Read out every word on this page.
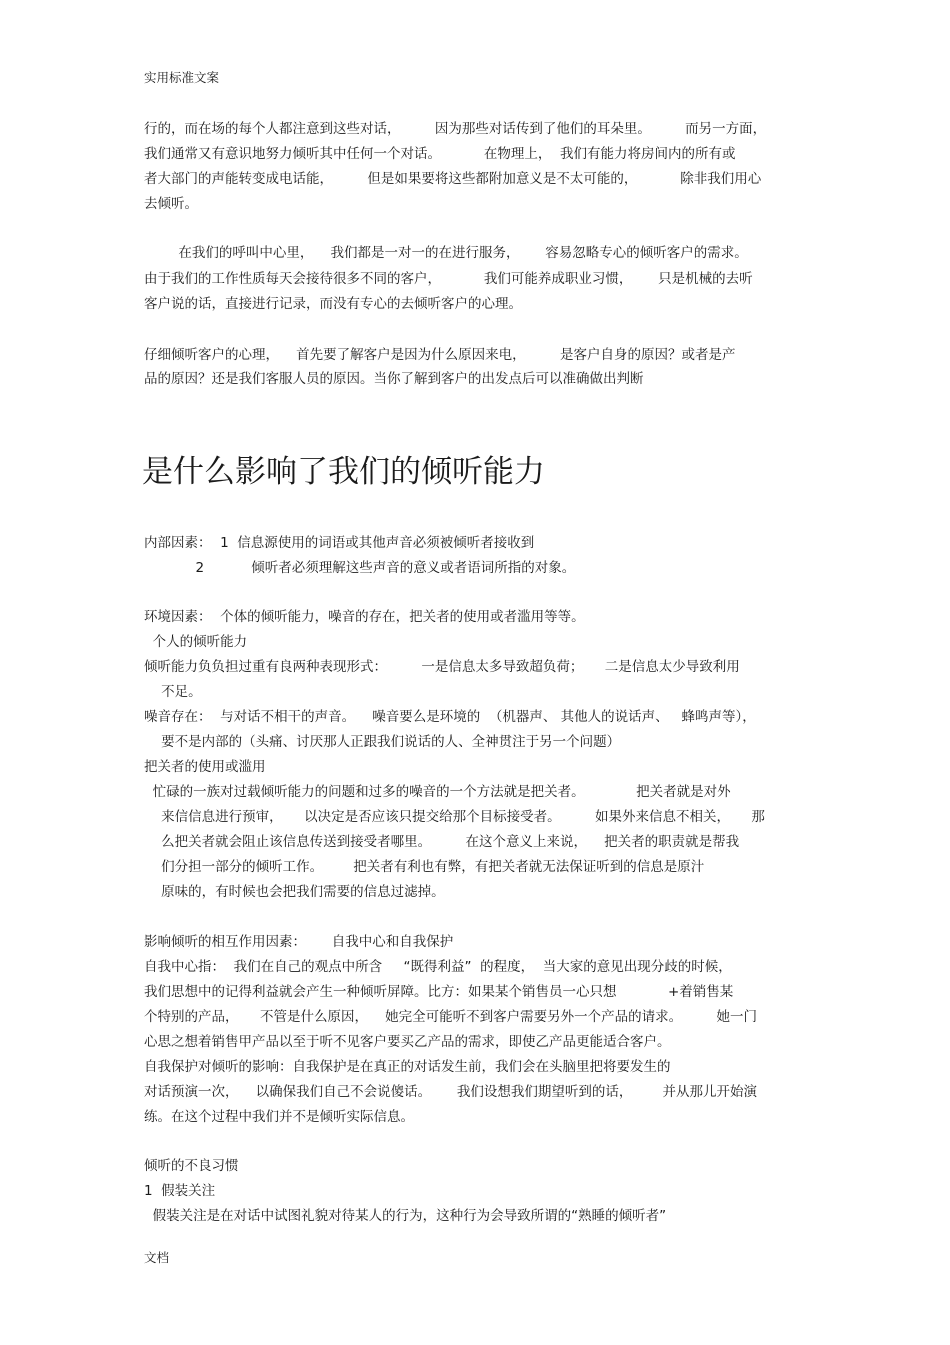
实用标准文案
行的，而在场的每个人都注意到这些对话，        因为那些对话传到了他们的耳朵里。        而另一方面，
我们通常又有意识地努力倾听其中任何一个对话。          在物理上，  我们有能力将房间内的所有或
者大部门的声能转变成电话能，        但是如果要将这些都附加意义是不太可能的，          除非我们用心
去倾听。
在我们的呼叫中心里，    我们都是一对一的在进行服务，      容易忽略专心的倾听客户的需求。
由于我们的工作性质每天会接待很多不同的客户，          我们可能养成职业习惯，      只是机械的去听
客户说的话，直接进行记录，而没有专心的去倾听客户的心理。
仔细倾听客户的心理，    首先要了解客户是因为什么原因来电，        是客户自身的原因？或者是产
品的原因？还是我们客服人员的原因。当你了解到客户的出发点后可以准确做出判断
是什么影响了我们的倾听能力
内部因素：  1  信息源使用的词语或其他声音必须被倾听者接收到
2           倾听者必须理解这些声音的意义或者语词所指的对象。
环境因素：  个体的倾听能力，噪音的存在，把关者的使用或者滥用等等。
个人的倾听能力
倾听能力负负担过重有良两种表现形式：        一是信息太多导致超负荷；     二是信息太少导致利用
不足。
噪音存在：  与对话不相干的声音。    噪音要么是环境的  （机器声、 其他人的说话声、   蜂鸣声等），
要不是内部的（头痛、讨厌那人正跟我们说话的人、全神贯注于另一个问题）
把关者的使用或滥用
忙碌的一族对过载倾听能力的问题和过多的噪音的一个方法就是把关者。            把关者就是对外
来信信息进行预审，     以决定是否应该只提交给那个目标接受者。        如果外来信息不相关，     那
么把关者就会阻止该信息传送到接受者哪里。        在这个意义上来说，    把关者的职责就是帮我
们分担一部分的倾听工作。       把关者有利也有弊，有把关者就无法保证听到的信息是原汁
原味的，有时候也会把我们需要的信息过滤掉。
影响倾听的相互作用因素：      自我中心和自我保护
自我中心指：  我们在自己的观点中所含     “既得利益”  的程度，  当大家的意见出现分歧的时候，
我们思想中的记得利益就会产生一种倾听屏障。比方：如果某个销售员一心只想            +着销售某
个特别的产品，     不管是什么原因，    她完全可能听不到客户需要另外一个产品的请求。        她一门
心思之想着销售甲产品以至于听不见客户要买乙产品的需求，即使乙产品更能适合客户。
自我保护对倾听的影响：自我保护是在真正的对话发生前，我们会在头脑里把将要发生的
对话预演一次，    以确保我们自己不会说傻话。      我们设想我们期望听到的话，       并从那儿开始演
练。在这个过程中我们并不是倾听实际信息。
倾听的不良习惯
1  假装关注
假装关注是在对话中试图礼貌对待某人的行为，这种行为会导致所谓的“熟睡的倾听者”
文档
